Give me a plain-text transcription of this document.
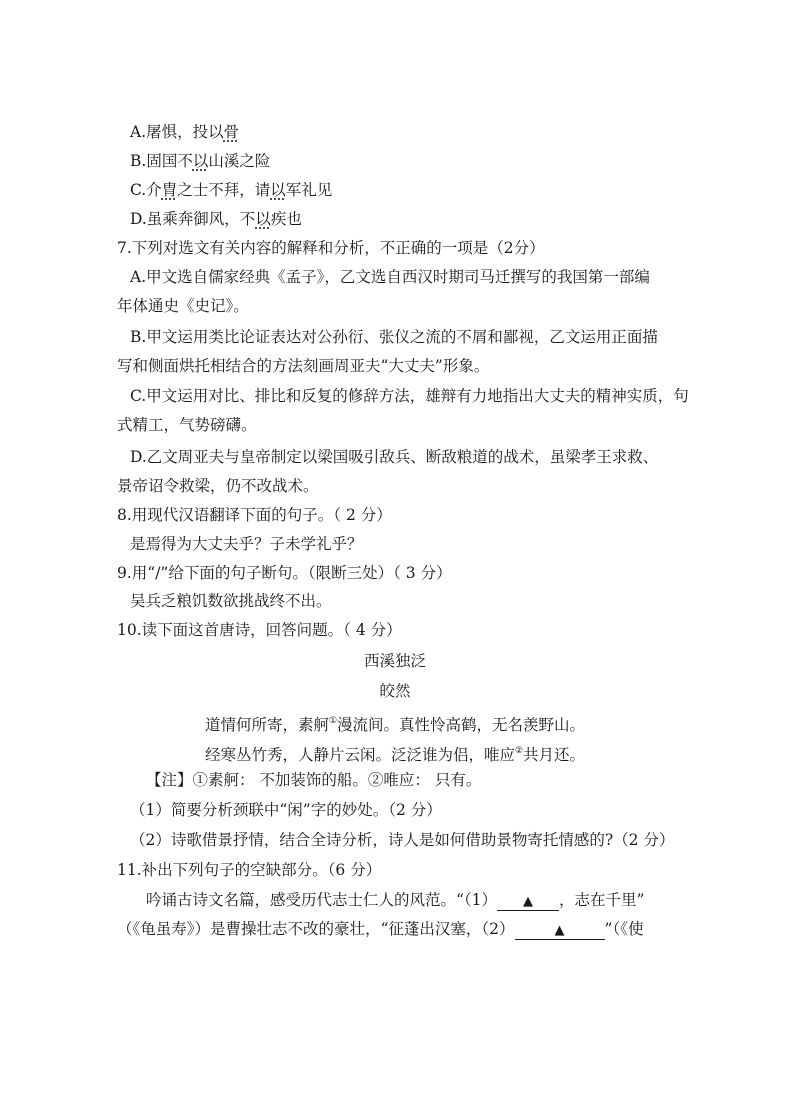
A.屠惧，投以骨
B.固国不以山溪之险
C.介胄之士不拜，请以军礼见
D.虽乘奔御风，不以疾也
7.下列对选文有关内容的解释和分析，不正确的一项是（2分）
A.甲文选自儒家经典《孟子》，乙文选自西汉时期司马迁撰写的我国第一部编
年体通史《史记》。
B.甲文运用类比论证表达对公孙衍、张仪之流的不屑和鄙视，乙文运用正面描
写和侧面烘托相结合的方法刻画周亚夫“大丈夫”形象。
C.甲文运用对比、排比和反复的修辞方法，雄辩有力地指出大丈夫的精神实质，句
式精工，气势磅礴。
D.乙文周亚夫与皇帝制定以梁国吸引敌兵、断敌粮道的战术，虽梁孝王求救、
景帝诏令救梁，仍不改战术。
8.用现代汉语翻译下面的句子。（ 2 分）
是焉得为大丈夫乎？子未学礼乎？
9.用“/”给下面的句子断句。（限断三处）（ 3 分）
吴兵乏粮饥数欲挑战终不出。
10.读下面这首唐诗，回答问题。（ 4 分）
西溪独泛
皎然
道情何所寄，素舸①漫流间。真性怜高鹤，无名羡野山。
经寒丛竹秀，人静片云闲。泛泛谁为侣，唯应②共月还。
【注】①素舸： 不加装饰的船。②唯应： 只有。
（1）简要分析颈联中“闲”字的妙处。（2 分）
（2）诗歌借景抒情，结合全诗分析，诗人是如何借助景物寄托情感的?（2 分）
11.补出下列句子的空缺部分。（6 分）
吟诵古诗文名篇，感受历代志士仁人的风范。“（1） ▲ ，志在千里”
（《龟虽寿》）是曹操壮志不改的豪壮，“征蓬出汉塞，（2）	▲	”（《使
